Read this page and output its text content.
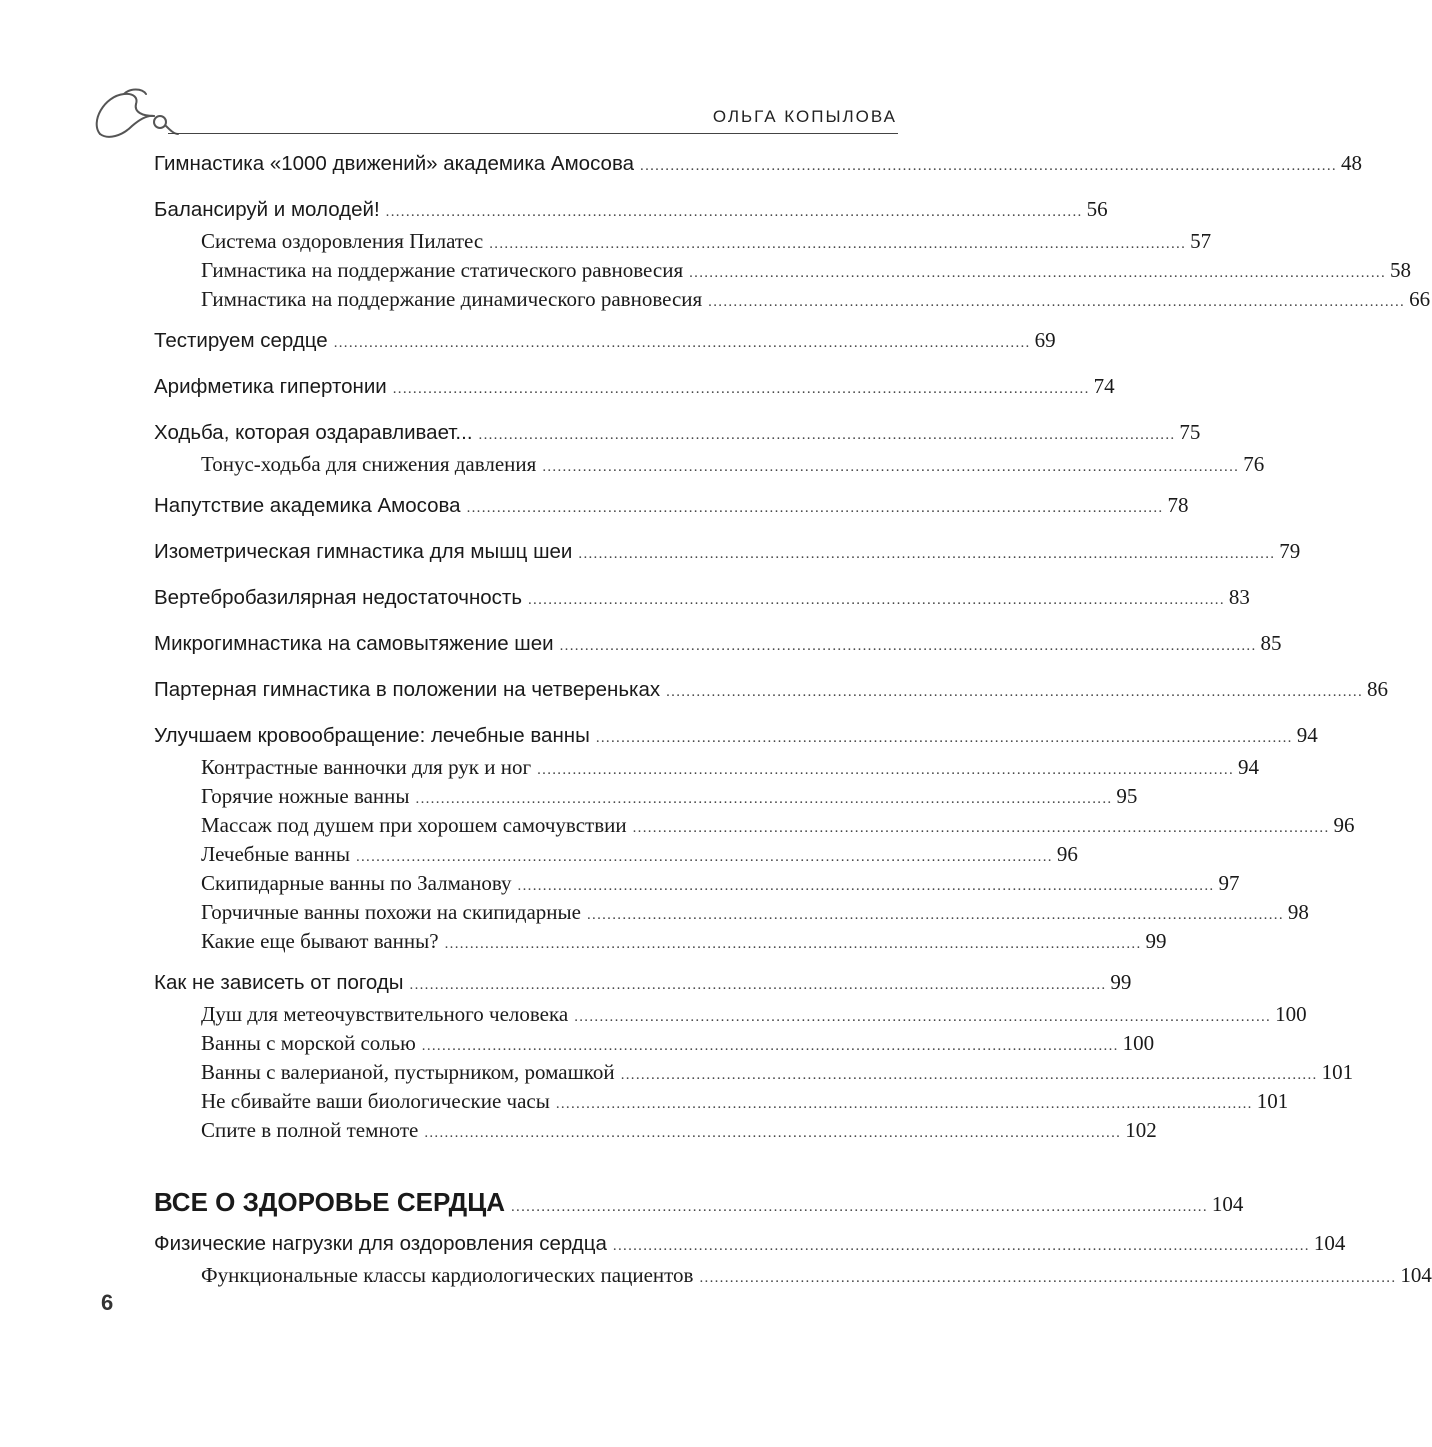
ОЛЬГА КОПЫЛОВА
Гимнастика «1000 движений» академика Амосова .......................................................................................................................................... 48
Балансируй и молодей! .......................................................................................................................................... 56
Система оздоровления Пилатес .......................................................................................................................................... 57
Гимнастика на поддержание статического равновесия .......................................................................................................................................... 58
Гимнастика на поддержание динамического равновесия .......................................................................................................................................... 66
Тестируем сердце .......................................................................................................................................... 69
Арифметика гипертонии .......................................................................................................................................... 74
Ходьба, которая оздаравливает... .......................................................................................................................................... 75
Тонус-ходьба для снижения давления .......................................................................................................................................... 76
Напутствие академика Амосова .......................................................................................................................................... 78
Изометрическая гимнастика для мышц шеи .......................................................................................................................................... 79
Вертебробазилярная недостаточность .......................................................................................................................................... 83
Микрогимнастика на самовытяжение шеи .......................................................................................................................................... 85
Партерная гимнастика в положении на четвереньках .......................................................................................................................................... 86
Улучшаем кровообращение: лечебные ванны .......................................................................................................................................... 94
Контрастные ванночки для рук и ног .......................................................................................................................................... 94
Горячие ножные ванны .......................................................................................................................................... 95
Массаж под душем при хорошем самочувствии .......................................................................................................................................... 96
Лечебные ванны .......................................................................................................................................... 96
Скипидарные ванны по Залманову .......................................................................................................................................... 97
Горчичные ванны похожи на скипидарные .......................................................................................................................................... 98
Какие еще бывают ванны? .......................................................................................................................................... 99
Как не зависеть от погоды .......................................................................................................................................... 99
Душ для метеочувствительного человека .......................................................................................................................................... 100
Ванны с морской солью .......................................................................................................................................... 100
Ванны с валерианой, пустырником, ромашкой .......................................................................................................................................... 101
Не сбивайте ваши биологические часы .......................................................................................................................................... 101
Спите в полной темноте .......................................................................................................................................... 102
ВСЕ О ЗДОРОВЬЕ СЕРДЦА .......................................................................................................................................... 104
Физические нагрузки для оздоровления сердца .......................................................................................................................................... 104
Функциональные классы кардиологических пациентов .......................................................................................................................................... 104
6
